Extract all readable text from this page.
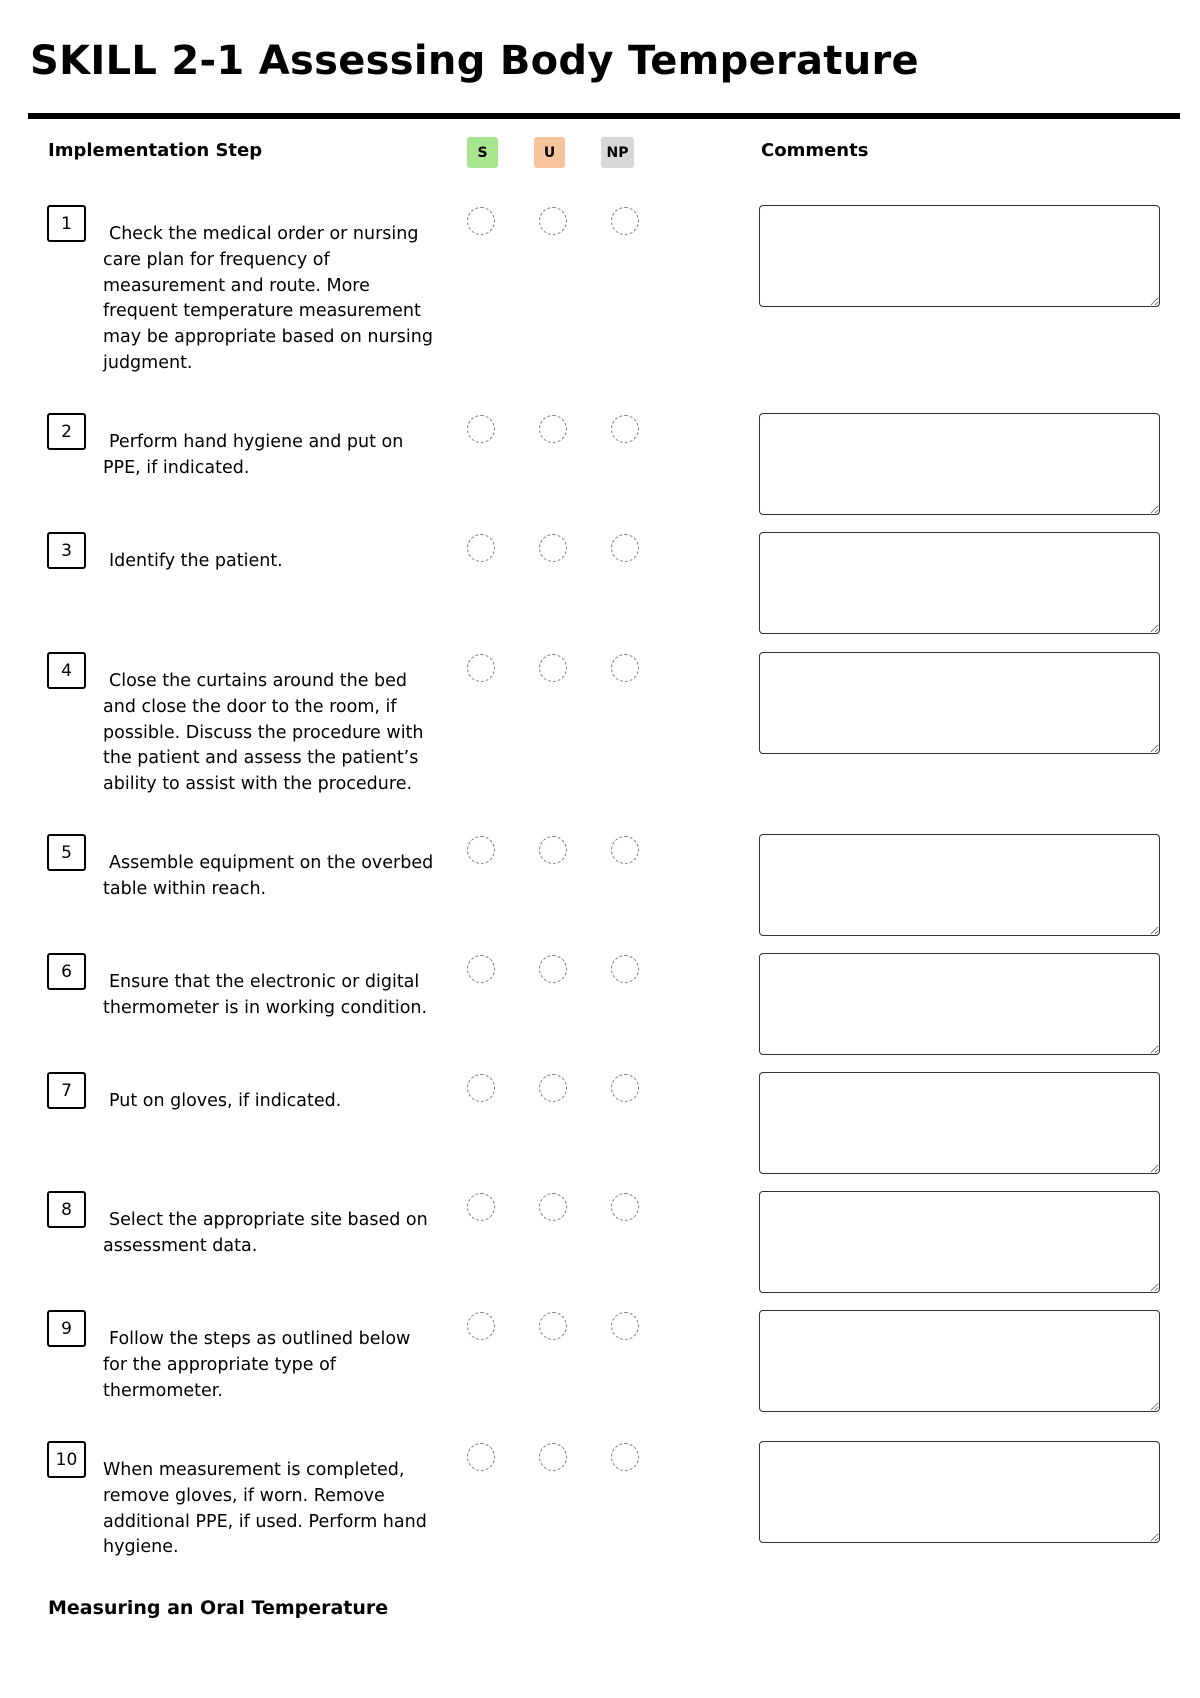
SKILL 2-1 Assessing Body Temperature
Implementation Step	S	U	NP	Comments
1
Check the medical order or nursing care plan for frequency of measurement and route. More frequent temperature measurement may be appropriate based on nursing judgment.
2
Perform hand hygiene and put on PPE, if indicated.
3
Identify the patient.
4
Close the curtains around the bed and close the door to the room, if possible. Discuss the procedure with the patient and assess the patient’s ability to assist with the procedure.
5
Assemble equipment on the overbed table within reach.
6
Ensure that the electronic or digital thermometer is in working condition.
7
Put on gloves, if indicated.
8
Select the appropriate site based on assessment data.
9
Follow the steps as outlined below for the appropriate type of thermometer.
10
When measurement is completed, remove gloves, if worn. Remove additional PPE, if used. Perform hand hygiene.
Measuring an Oral Temperature
